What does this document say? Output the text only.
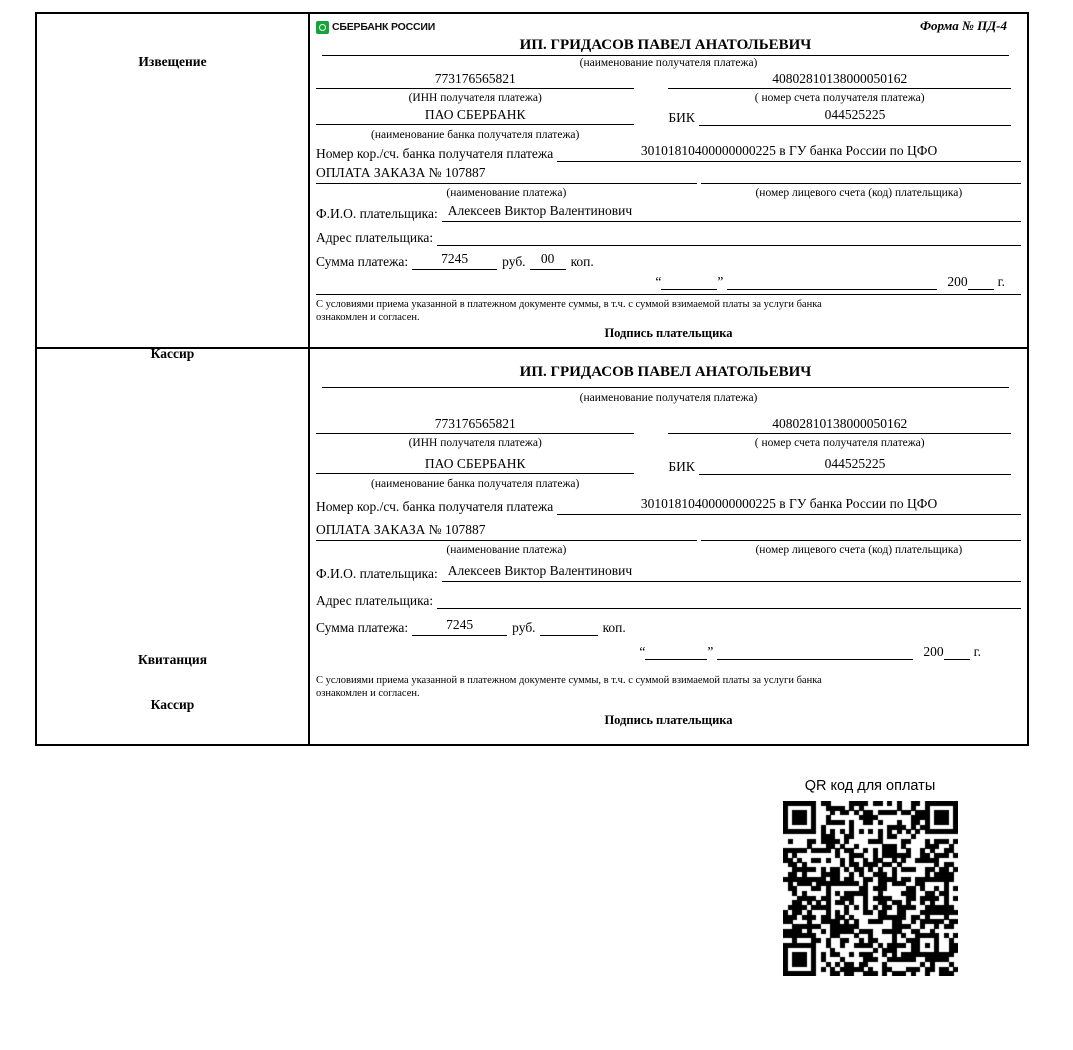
Извещение
Кассир
СБЕРБАНК РОССИИ	Форма № ПД-4
ИП. ГРИДАСОВ ПАВЕЛ АНАТОЛЬЕВИЧ
(наименование получателя платежа)
773176565821	40802810138000050162
(ИНН получателя платежа)	( номер счета получателя платежа)
ПАО СБЕРБАНК	БИК	044525225
(наименование банка получателя платежа)
Номер кор./сч. банка получателя платежа	30101810400000000225 в ГУ банка России по ЦФО
ОПЛАТА ЗАКАЗА № 107887

(наименование платежа)	(номер лицевого счета (код) плательщика)
Ф.И.О. плательщика: Алексеев Виктор Валентинович
Адрес плательщика:
Сумма платежа:	7245	руб.	00	коп.
“	”	200 г.
С условиями приема указанной в платежном документе суммы, в т.ч. с суммой взимаемой платы за услуги банка
ознакомлен и согласен.
Подпись плательщика
Квитанция
Кассир
ИП. ГРИДАСОВ ПАВЕЛ АНАТОЛЬЕВИЧ
(наименование получателя платежа)
773176565821	40802810138000050162
(ИНН получателя платежа)	( номер счета получателя платежа)
ПАО СБЕРБАНК	БИК	044525225
(наименование банка получателя платежа)
Номер кор./сч. банка получателя платежа	30101810400000000225 в ГУ банка России по ЦФО
ОПЛАТА ЗАКАЗА № 107887

(наименование платежа)	(номер лицевого счета (код) плательщика)
Ф.И.О. плательщика: Алексеев Виктор Валентинович
Адрес плательщика:
Сумма платежа:	7245	руб.	коп.
“	”	200 г.
С условиями приема указанной в платежном документе суммы, в т.ч. с суммой взимаемой платы за услуги банка
ознакомлен и согласен.
Подпись плательщика
QR код для оплаты
